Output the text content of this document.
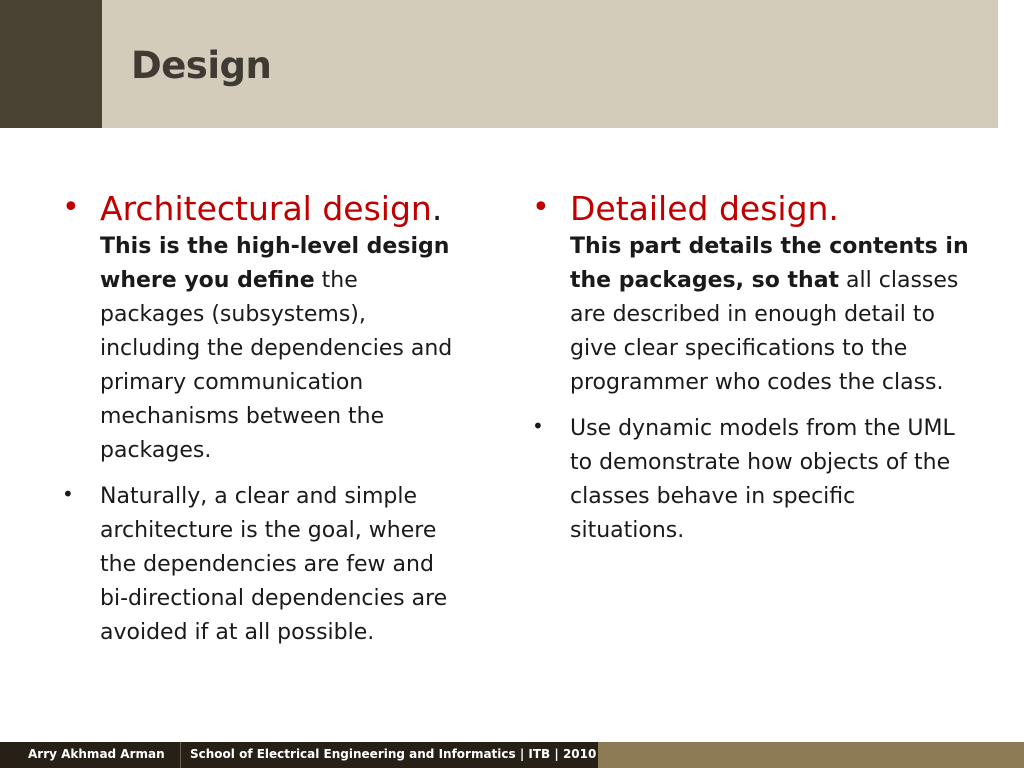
Design
• Architectural design.
This is the high-level design where you define the packages (subsystems), including the dependencies and primary communication mechanisms between the packages.
• Naturally, a clear and simple architecture is the goal, where the dependencies are few and bi-directional dependencies are avoided if at all possible.
• Detailed design.
This part details the contents in the packages, so that all classes are described in enough detail to give clear specifications to the programmer who codes the class.
• Use dynamic models from the UML to demonstrate how objects of the classes behave in specific situations.
Arry Akhmad Arman School of Electrical Engineering and Informatics | ITB | 2010
